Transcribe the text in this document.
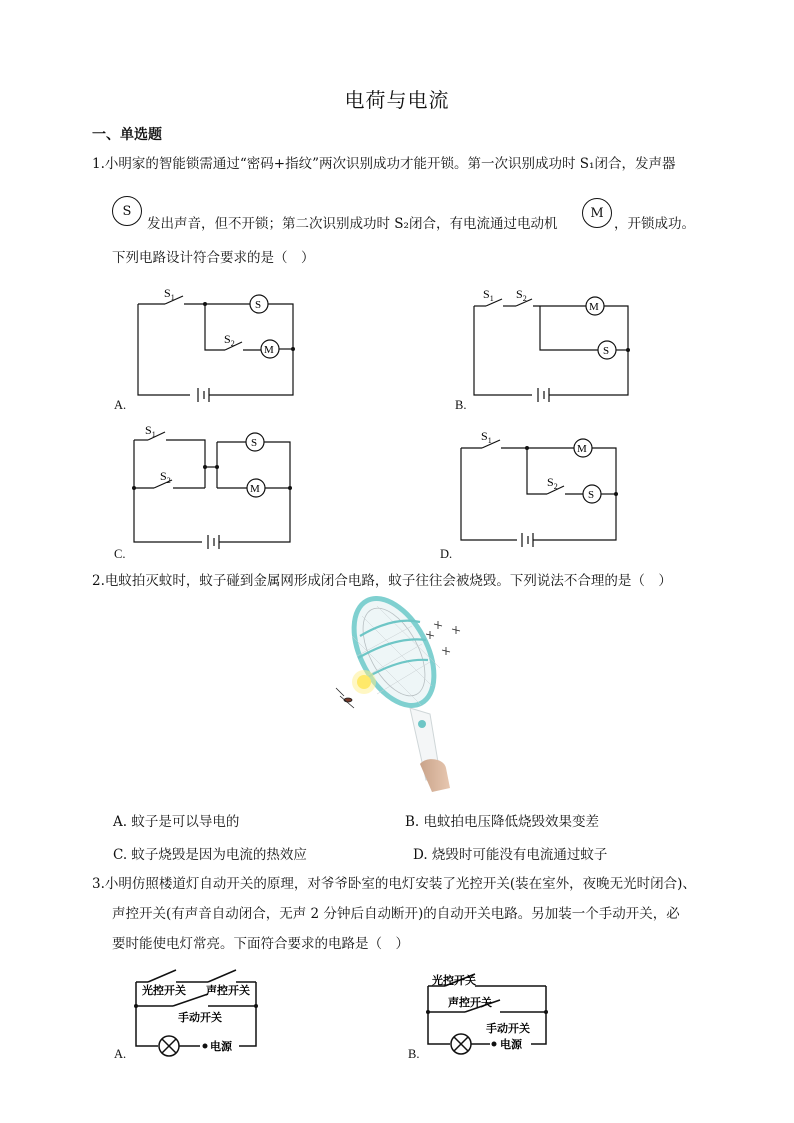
电荷与电流
一、单选题
1.小明家的智能锁需通过“密码+指纹”两次识别成功才能开锁。第一次识别成功时 S₁闭合，发声器
S
发出声音，但不开锁；第二次识别成功时 S₂闭合，有电流通过电动机
M
，开锁成功。
下列电路设计符合要求的是（　）
S
M
$S_1$
$S_2$
A.
M
S
$S_1$ $S_2$
B.
S
M
$S_1$
$S_2$
C.
M
S
$S_1$
$S_2$
D.
2.电蚊拍灭蚊时，蚊子碰到金属网形成闭合电路，蚊子往往会被烧毁。下列说法不合理的是（　）
A. 蚊子是可以导电的	B. 电蚊拍电压降低烧毁效果变差
C. 蚊子烧毁是因为电流的热效应	D. 烧毁时可能没有电流通过蚊子
3.小明仿照楼道灯自动开关的原理，对爷爷卧室的电灯安装了光控开关(装在室外，夜晚无光时闭合)、
声控开关(有声音自动闭合，无声 2 分钟后自动断开)的自动开关电路。另加装一个手动开关，必
要时能使电灯常亮。下面符合要求的电路是（　）
光控开关 声控开关
手动开关
电源
A.
光控开关
声控开关
手动开关
电源
B.
